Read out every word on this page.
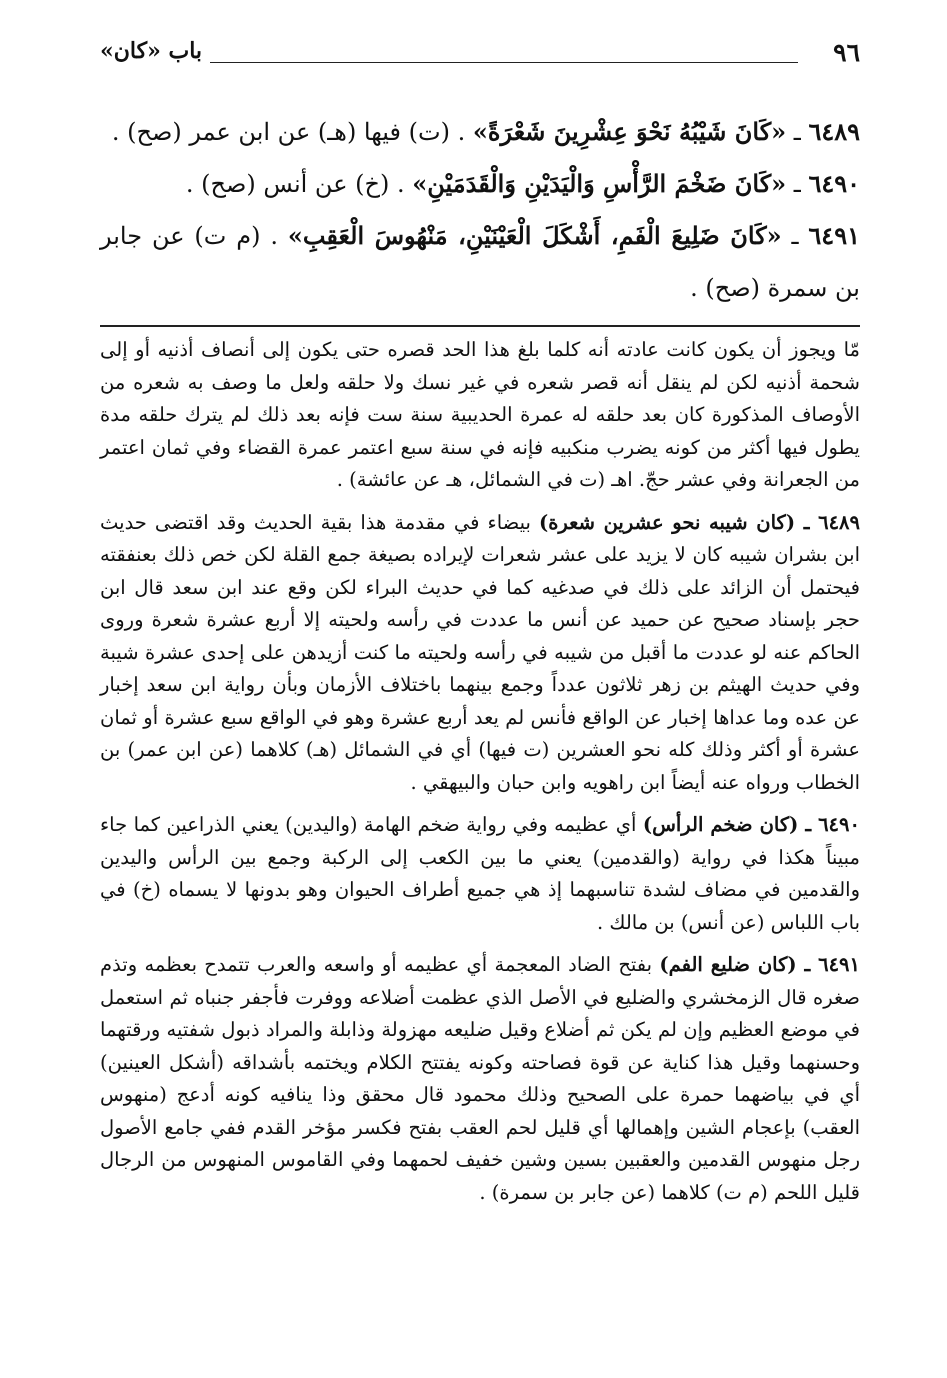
٩٦
باب «كان»

٦٤٨٩ ـ «كَانَ شَيْبُهُ نَحْوَ عِشْرِينَ شَعْرَةً» . (ت) فيها (هـ) عن ابن عمر (صح) .

٦٤٩٠ ـ «كَانَ ضَخْمَ الرَّأْسِ وَالْيَدَيْنِ وَالْقَدَمَيْنِ» . (خ) عن أنس (صح) .

٦٤٩١ ـ «كَانَ ضَلِيعَ الْفَمِ، أَشْكَلَ الْعَيْنَيْنِ، مَنْهُوسَ الْعَقِبِ» . (م ت) عن جابر بن سمرة (صح) .

مّا ويجوز أن يكون كانت عادته أنه كلما بلغ هذا الحد قصره حتى يكون إلى أنصاف أذنيه أو إلى شحمة أذنيه لكن لم ينقل أنه قصر شعره في غير نسك ولا حلقه ولعل ما وصف به شعره من الأوصاف المذكورة كان بعد حلقه له عمرة الحديبية سنة ست فإنه بعد ذلك لم يترك حلقه مدة يطول فيها أكثر من كونه يضرب منكبيه فإنه في سنة سبع اعتمر عمرة القضاء وفي ثمان اعتمر من الجعرانة وفي عشر حجّ. اهـ (ت في الشمائل، هـ عن عائشة) .

٦٤٨٩ ـ (كان شيبه نحو عشرين شعرة) بيضاء في مقدمة هذا بقية الحديث وقد اقتضى حديث ابن بشران شيبه كان لا يزيد على عشر شعرات لإيراده بصيغة جمع القلة لكن خص ذلك بعنفقته فيحتمل أن الزائد على ذلك في صدغيه كما في حديث البراء لكن وقع عند ابن سعد قال ابن حجر بإسناد صحيح عن حميد عن أنس ما عددت في رأسه ولحيته إلا أربع عشرة شعرة وروى الحاكم عنه لو عددت ما أقبل من شيبه في رأسه ولحيته ما كنت أزيدهن على إحدى عشرة شيبة وفي حديث الهيثم بن زهر ثلاثون عدداً وجمع بينهما باختلاف الأزمان وبأن رواية ابن سعد إخبار عن عده وما عداها إخبار عن الواقع فأنس لم يعد أربع عشرة وهو في الواقع سبع عشرة أو ثمان عشرة أو أكثر وذلك كله نحو العشرين (ت فيها) أي في الشمائل (هـ) كلاهما (عن ابن عمر) بن الخطاب ورواه عنه أيضاً ابن راهويه وابن حبان والبيهقي .

٦٤٩٠ ـ (كان ضخم الرأس) أي عظيمه وفي رواية ضخم الهامة (واليدين) يعني الذراعين كما جاء مبيناً هكذا في رواية (والقدمين) يعني ما بين الكعب إلى الركبة وجمع بين الرأس واليدين والقدمين في مضاف لشدة تناسبهما إذ هي جميع أطراف الحيوان وهو بدونها لا يسماه (خ) في باب اللباس (عن أنس) بن مالك .

٦٤٩١ ـ (كان ضليع الفم) بفتح الضاد المعجمة أي عظيمه أو واسعه والعرب تتمدح بعظمه وتذم صغره قال الزمخشري والضليع في الأصل الذي عظمت أضلاعه ووفرت فأجفر جنباه ثم استعمل في موضع العظيم وإن لم يكن ثم أضلاع وقيل ضليعه مهزولة وذابلة والمراد ذبول شفتيه ورقتهما وحسنهما وقيل هذا كناية عن قوة فصاحته وكونه يفتتح الكلام ويختمه بأشداقه (أشكل العينين) أي في بياضهما حمرة على الصحيح وذلك محمود قال محقق وذا ينافيه كونه أدعج (منهوس العقب) بإعجام الشين وإهمالها أي قليل لحم العقب بفتح فكسر مؤخر القدم ففي جامع الأصول رجل منهوس القدمين والعقبين بسين وشين خفيف لحمهما وفي القاموس المنهوس من الرجال قليل اللحم (م ت) كلاهما (عن جابر بن سمرة) .
